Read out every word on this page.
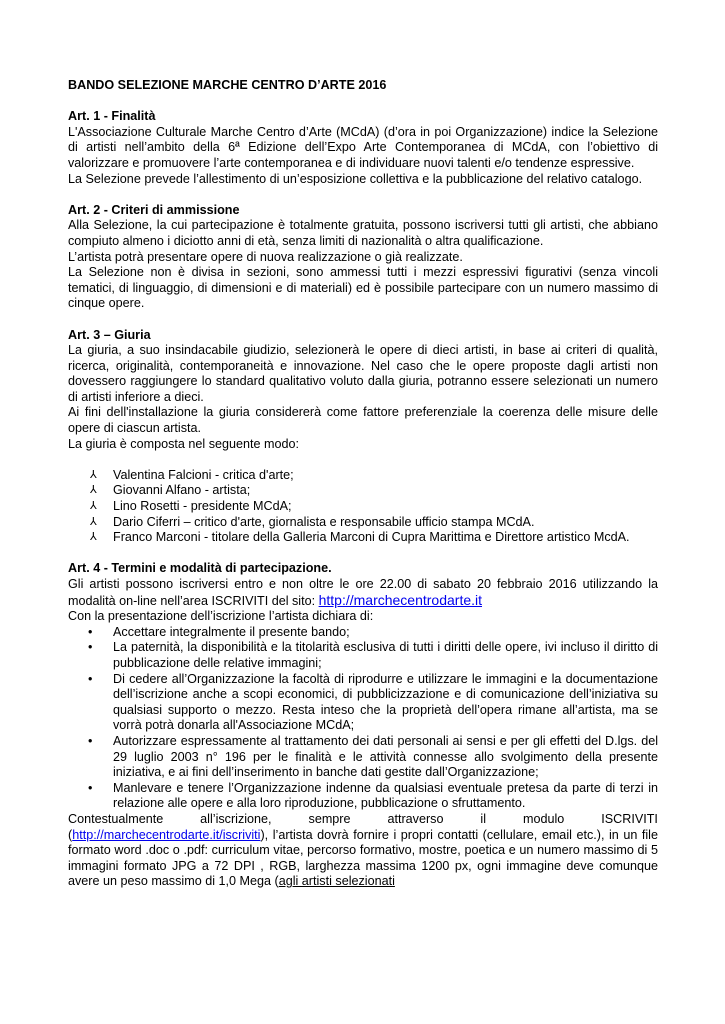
BANDO SELEZIONE MARCHE CENTRO D’ARTE 2016
Art. 1 - Finalità

L'Associazione Culturale Marche Centro d’Arte (MCdA) (d’ora in poi Organizzazione) indice la Selezione di artisti nell’ambito della 6ª Edizione dell’Expo Arte Contemporanea di MCdA, con l’obiettivo di valorizzare e promuovere l’arte contemporanea e di individuare nuovi talenti e/o tendenze espressive.

La Selezione prevede l’allestimento di un’esposizione collettiva e la pubblicazione del relativo catalogo.

Art. 2 - Criteri di ammissione

Alla Selezione, la cui partecipazione è totalmente gratuita, possono iscriversi tutti gli artisti, che abbiano compiuto almeno i diciotto anni di età, senza limiti di nazionalità o altra qualificazione.

L’artista potrà presentare opere di nuova realizzazione o già realizzate.

La Selezione non è divisa in sezioni, sono ammessi tutti i mezzi espressivi figurativi (senza vincoli tematici, di linguaggio, di dimensioni e di materiali) ed è possibile partecipare con un numero massimo di cinque opere.

Art. 3 – Giuria

La giuria, a suo insindacabile giudizio, selezionerà le opere di dieci artisti, in base ai criteri di qualità, ricerca, originalità, contemporaneità e innovazione. Nel caso che le opere proposte dagli artisti non dovessero raggiungere lo standard qualitativo voluto dalla giuria, potranno essere selezionati un numero di artisti inferiore a dieci.

Ai fini dell'installazione la giuria considererà come fattore preferenziale la coerenza delle misure delle opere di ciascun artista.

La giuria è composta nel seguente modo:

⅄ Valentina Falcioni - critica d'arte;
⅄ Giovanni Alfano - artista;
⅄ Lino Rosetti - presidente MCdA;
⅄ Dario Ciferri – critico d'arte, giornalista e responsabile ufficio stampa MCdA.
⅄ Franco Marconi - titolare della Galleria Marconi di Cupra Marittima e Direttore artistico McdA.
Art. 4 - Termini e modalità di partecipazione.

Gli artisti possono iscriversi entro e non oltre le ore 22.00 di sabato 20 febbraio 2016 utilizzando la modalità on-line nell’area ISCRIVITI del sito: http://marchecentrodarte.it

Con la presentazione dell’iscrizione l’artista dichiara di:

• Accettare integralmente il presente bando;
• La paternità, la disponibilità e la titolarità esclusiva di tutti i diritti delle opere, ivi incluso il diritto di pubblicazione delle relative immagini;
• Di cedere all’Organizzazione la facoltà di riprodurre e utilizzare le immagini e la documentazione dell’iscrizione anche a scopi economici, di pubblicizzazione e di comunicazione dell’iniziativa su qualsiasi supporto o mezzo. Resta inteso che la proprietà dell’opera rimane all’artista, ma se vorrà potrà donarla all'Associazione MCdA;
• Autorizzare espressamente al trattamento dei dati personali ai sensi e per gli effetti del D.lgs. del 29 luglio 2003 n° 196 per le finalità e le attività connesse allo svolgimento della presente iniziativa, e ai fini dell’inserimento in banche dati gestite dall’Organizzazione;
• Manlevare e tenere l’Organizzazione indenne da qualsiasi eventuale pretesa da parte di terzi in relazione alle opere e alla loro riproduzione, pubblicazione o sfruttamento.
Contestualmente	all’iscrizione,	sempre	attraverso	il	modulo	ISCRIVITI

(http://marchecentrodarte.it/iscriviti), l’artista dovrà fornire i propri contatti (cellulare, email etc.), in un file formato word .doc o .pdf: curriculum vitae, percorso formativo, mostre, poetica e un numero massimo di 5 immagini formato JPG a 72 DPI , RGB, larghezza massima 1200 px, ogni immagine deve comunque avere un peso massimo di 1,0 Mega (agli artisti selezionati
